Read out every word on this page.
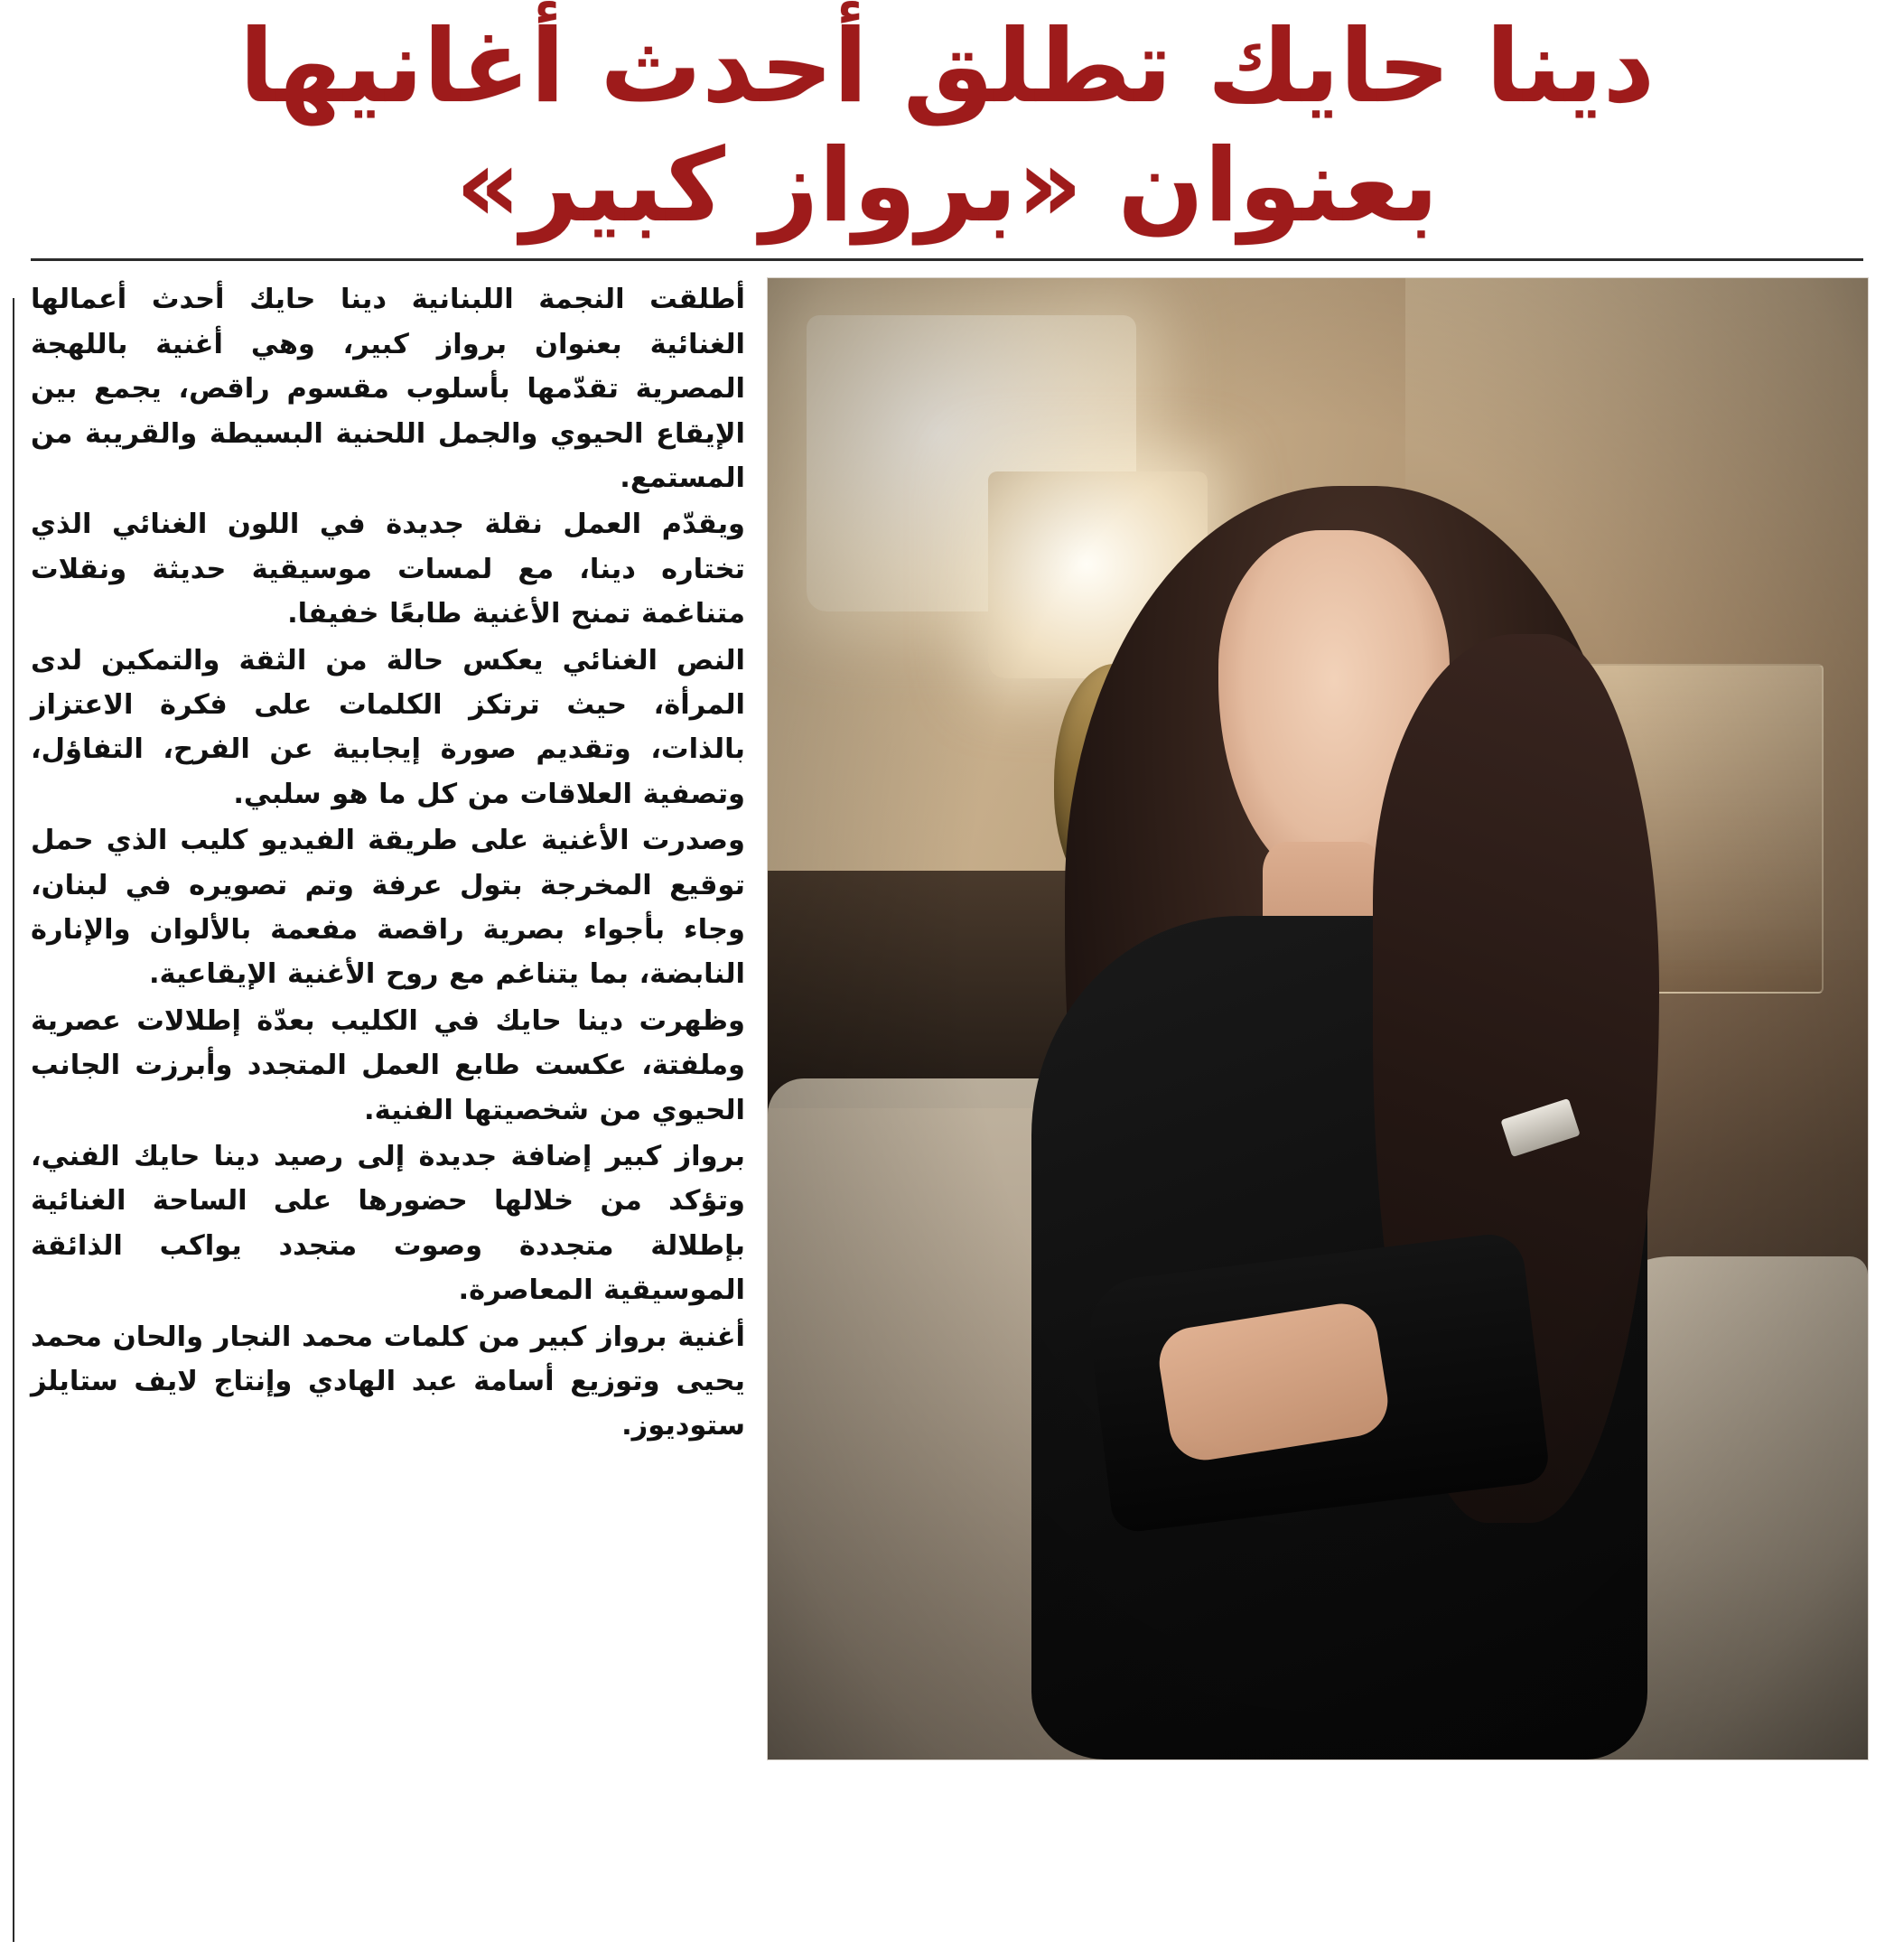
دينا حايك تطلق أحدث أغانيها
بعنوان «برواز كبير»

أطلقت النجمة اللبنانية دينا حايك أحدث أعمالها الغنائية بعنوان برواز كبير، وهي أغنية باللهجة المصرية تقدّمها بأسلوب مقسوم راقص، يجمع بين الإيقاع الحيوي والجمل اللحنية البسيطة والقريبة من المستمع.

ويقدّم العمل نقلة جديدة في اللون الغنائي الذي تختاره دينا، مع لمسات موسيقية حديثة ونقلات متناغمة تمنح الأغنية طابعًا خفيفا.

النص الغنائي يعكس حالة من الثقة والتمكين لدى المرأة، حيث ترتكز الكلمات على فكرة الاعتزاز بالذات، وتقديم صورة إيجابية عن الفرح، التفاؤل، وتصفية العلاقات من كل ما هو سلبي.

وصدرت الأغنية على طريقة الفيديو كليب الذي حمل توقيع المخرجة بتول عرفة وتم تصويره في لبنان، وجاء بأجواء بصرية راقصة مفعمة بالألوان والإنارة النابضة، بما يتناغم مع روح الأغنية الإيقاعية.

وظهرت دينا حايك في الكليب بعدّة إطلالات عصرية وملفتة، عكست طابع العمل المتجدد وأبرزت الجانب الحيوي من شخصيتها الفنية.

برواز كبير إضافة جديدة إلى رصيد دينا حايك الفني، وتؤكد من خلالها حضورها على الساحة الغنائية بإطلالة متجددة وصوت متجدد يواكب الذائقة الموسيقية المعاصرة.

أغنية برواز كبير من كلمات محمد النجار والحان محمد يحيى وتوزيع أسامة عبد الهادي وإنتاج لايف ستايلز ستوديوز.
